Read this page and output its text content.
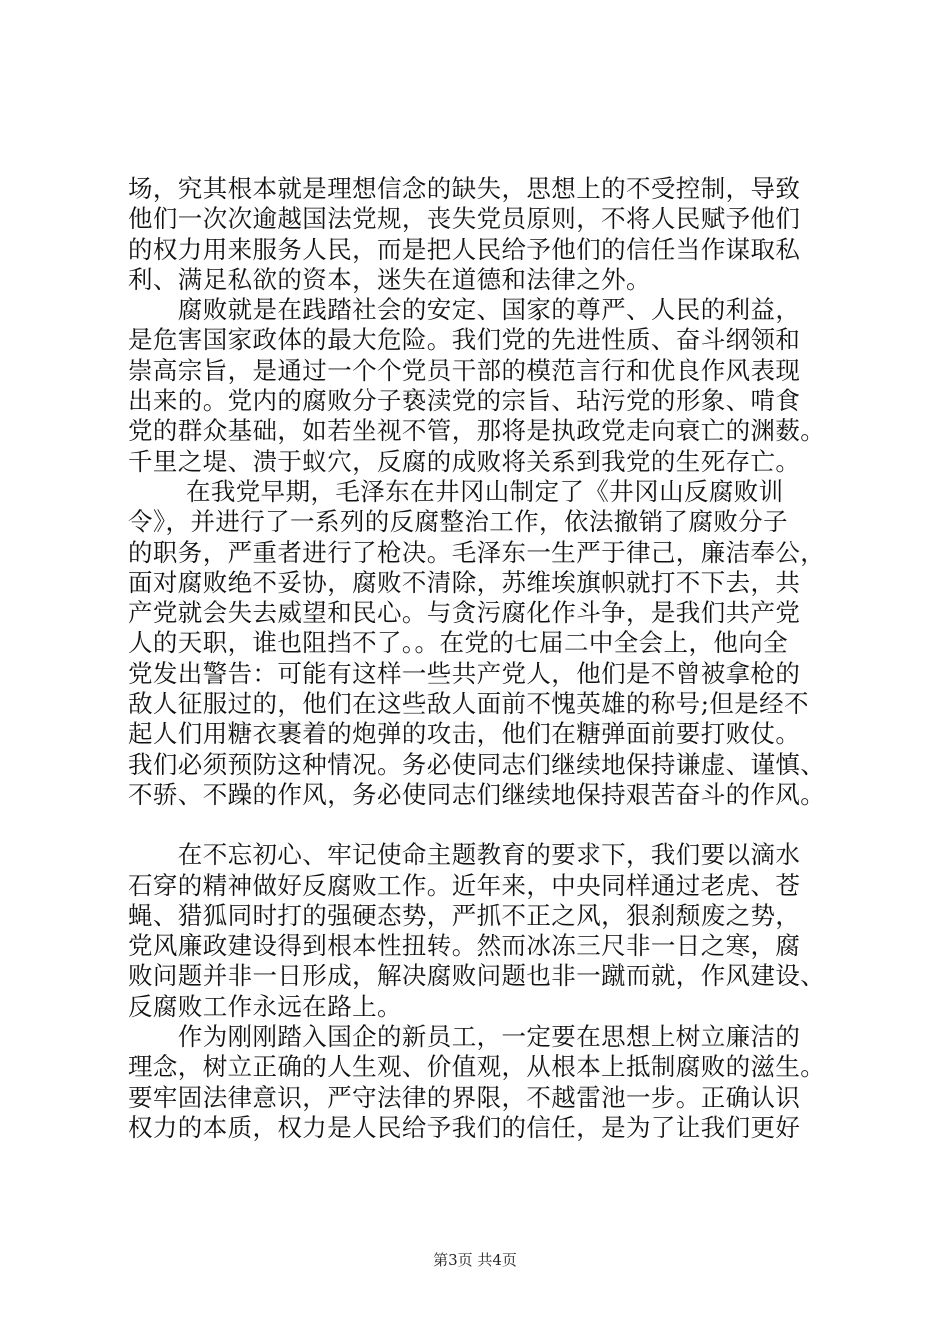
场，究其根本就是理想信念的缺失，思想上的不受控制，导致
他们一次次逾越国法党规，丧失党员原则，不将人民赋予他们
的权力用来服务人民，而是把人民给予他们的信任当作谋取私
利、满足私欲的资本，迷失在道德和法律之外。
　　腐败就是在践踏社会的安定、国家的尊严、人民的利益，
是危害国家政体的最大危险。我们党的先进性质、奋斗纲领和
崇高宗旨，是通过一个个党员干部的模范言行和优良作风表现
出来的。党内的腐败分子亵渎党的宗旨、玷污党的形象、啃食
党的群众基础，如若坐视不管，那将是执政党走向衰亡的渊薮。
千里之堤、溃于蚁穴，反腐的成败将关系到我党的生死存亡。
　　 在我党早期，毛泽东在井冈山制定了《井冈山反腐败训
令》，并进行了一系列的反腐整治工作，依法撤销了腐败分子
的职务，严重者进行了枪决。毛泽东一生严于律己，廉洁奉公，
面对腐败绝不妥协，腐败不清除，苏维埃旗帜就打不下去，共
产党就会失去威望和民心。与贪污腐化作斗争，是我们共产党
人的天职，谁也阻挡不了。。在党的七届二中全会上，他向全
党发出警告：可能有这样一些共产党人，他们是不曾被拿枪的
敌人征服过的，他们在这些敌人面前不愧英雄的称号;但是经不
起人们用糖衣裹着的炮弹的攻击，他们在糖弹面前要打败仗。
我们必须预防这种情况。务必使同志们继续地保持谦虚、谨慎、
不骄、不躁的作风，务必使同志们继续地保持艰苦奋斗的作风。
　　在不忘初心、牢记使命主题教育的要求下，我们要以滴水
石穿的精神做好反腐败工作。近年来，中央同样通过老虎、苍
蝇、猎狐同时打的强硬态势，严抓不正之风，狠刹颓废之势，
党风廉政建设得到根本性扭转。然而冰冻三尺非一日之寒，腐
败问题并非一日形成，解决腐败问题也非一蹴而就，作风建设、
反腐败工作永远在路上。
　　作为刚刚踏入国企的新员工，一定要在思想上树立廉洁的
理念，树立正确的人生观、价值观，从根本上抵制腐败的滋生。
要牢固法律意识，严守法律的界限，不越雷池一步。正确认识
权力的本质，权力是人民给予我们的信任，是为了让我们更好
第3页 共4页
